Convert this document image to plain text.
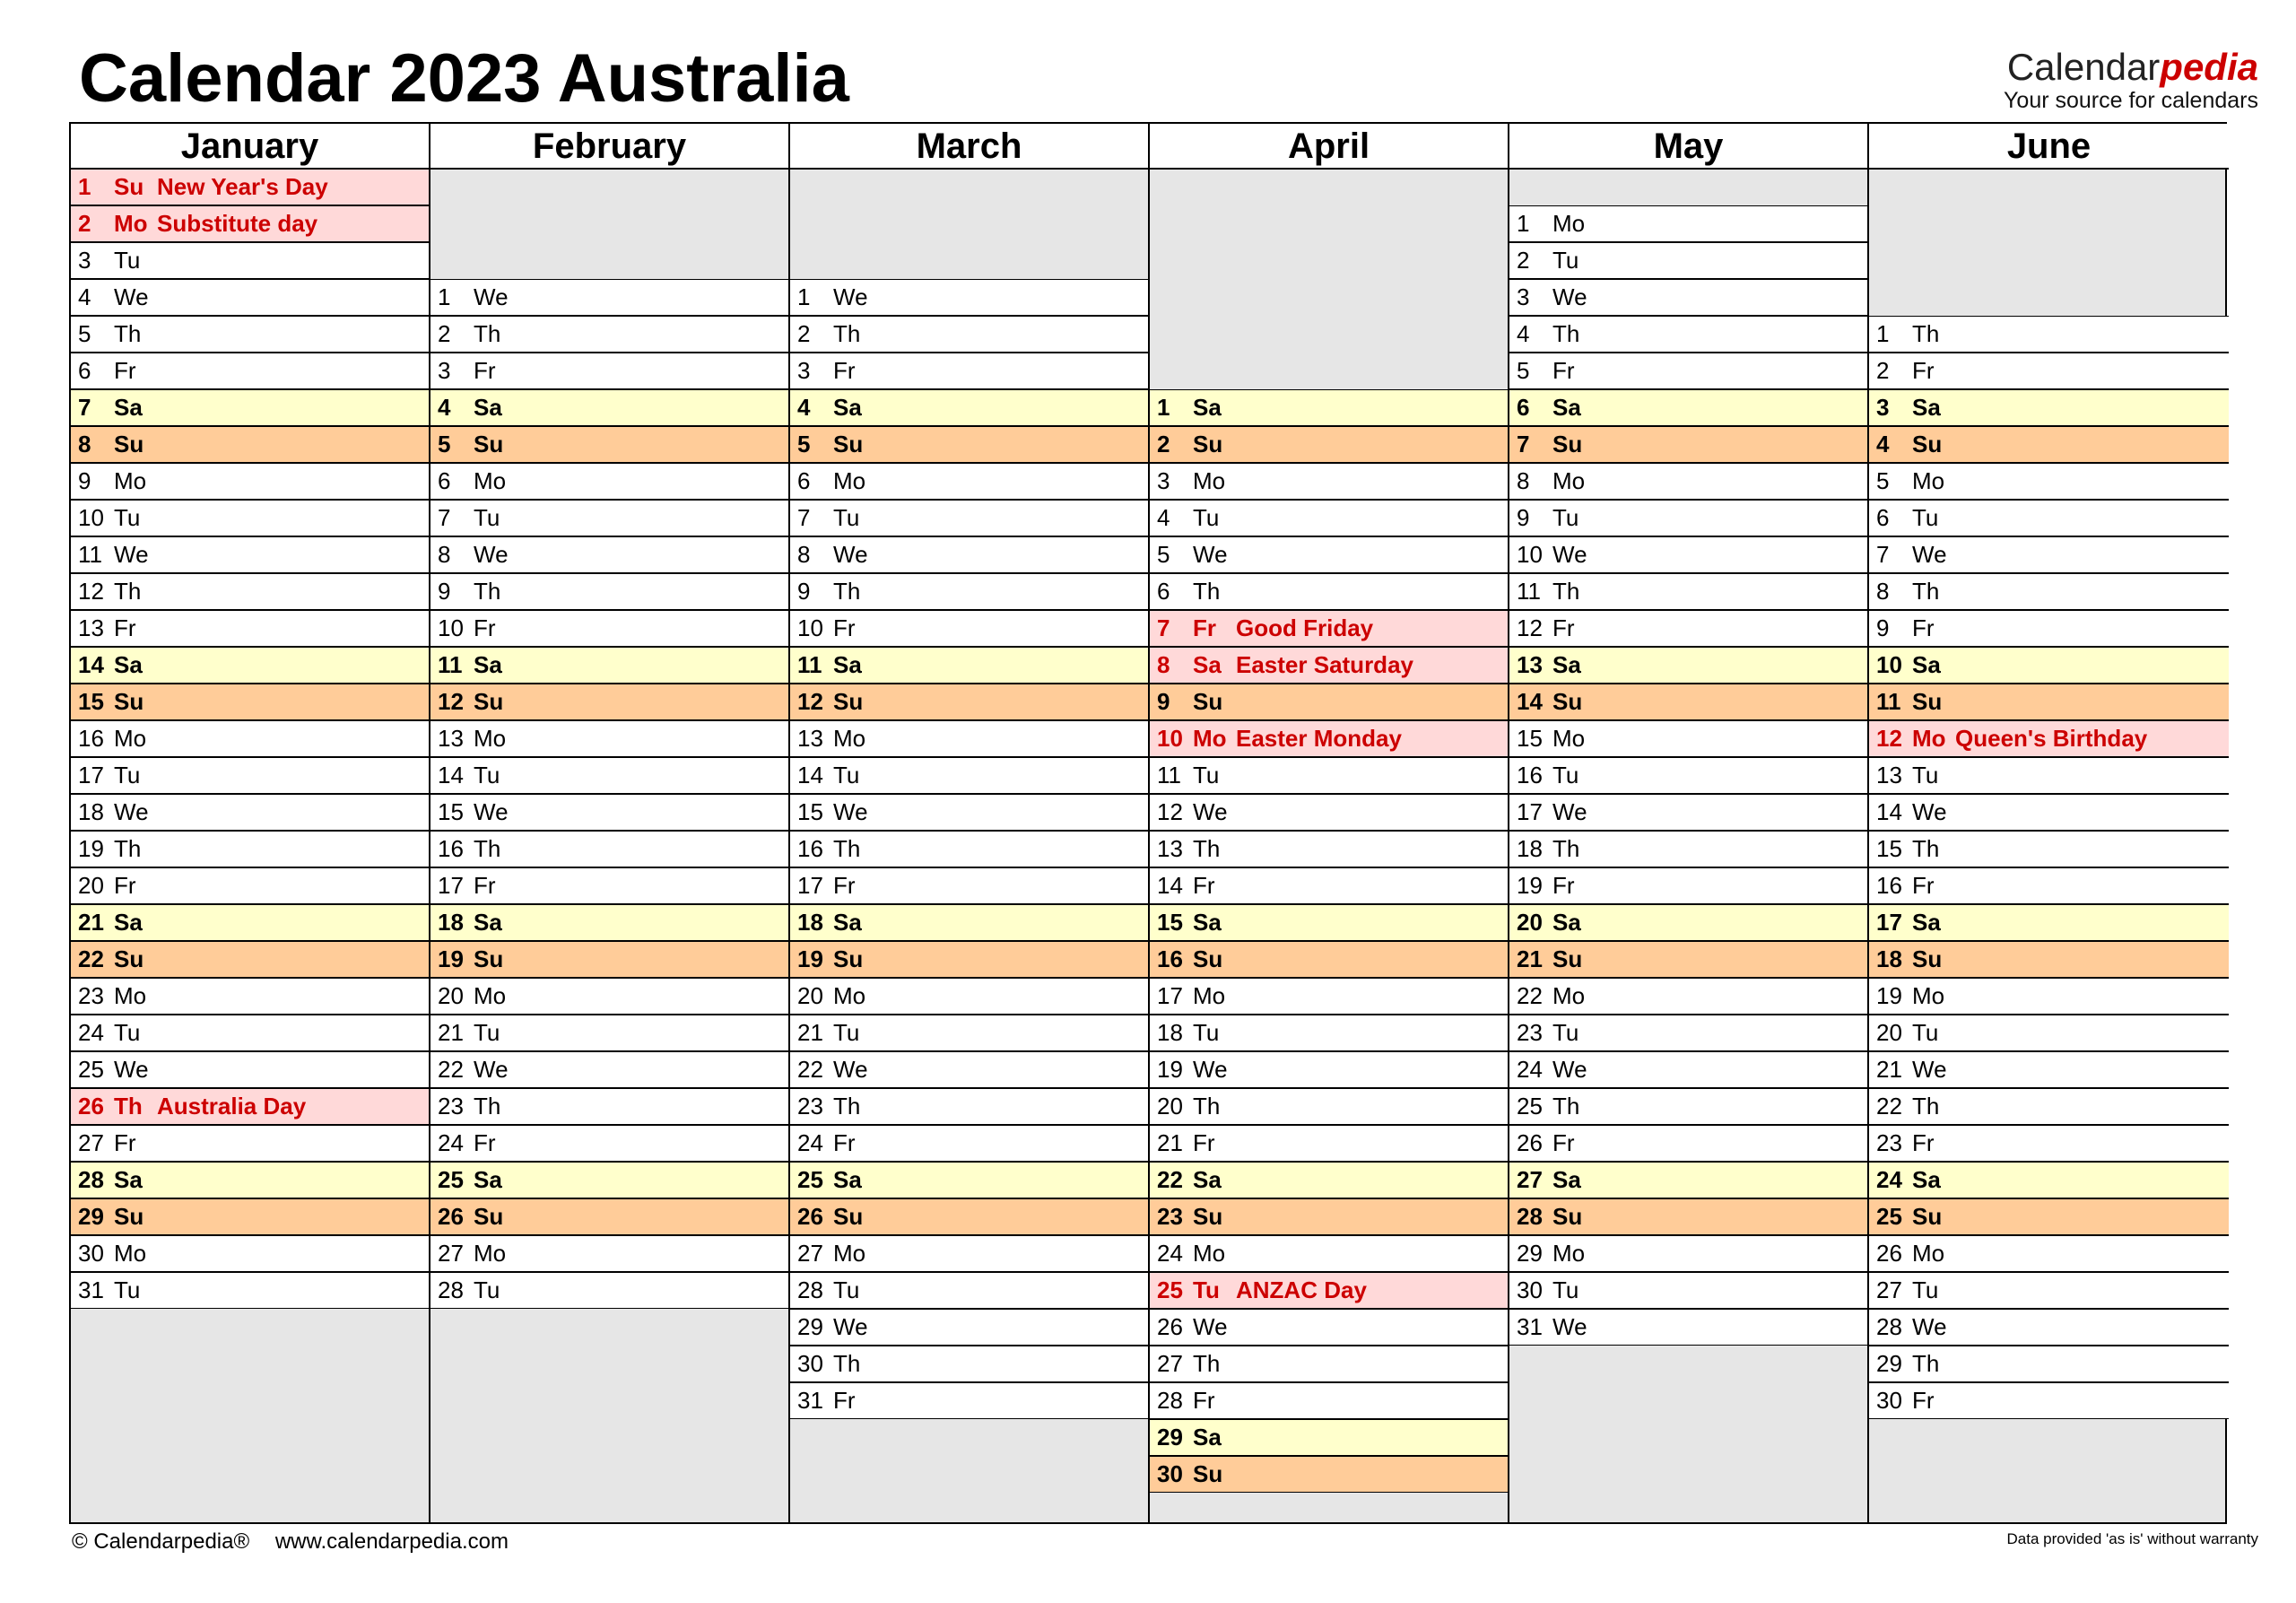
Calendar 2023 Australia	Calendarpedia
Your source for calendars
January
1 Su New Year's Day
2 Mo Substitute day
3 Tu
4 We
5 Th
6 Fr
7 Sa
8 Su
9 Mo
10 Tu
11 We
12 Th
13 Fr
14 Sa
15 Su
16 Mo
17 Tu
18 We
19 Th
20 Fr
21 Sa
22 Su
23 Mo
24 Tu
25 We
26 Th Australia Day
27 Fr
28 Sa
29 Su
30 Mo
31 Tu
February
1 We
2 Th
3 Fr
4 Sa
5 Su
6 Mo
7 Tu
8 We
9 Th
10 Fr
11 Sa
12 Su
13 Mo
14 Tu
15 We
16 Th
17 Fr
18 Sa
19 Su
20 Mo
21 Tu
22 We
23 Th
24 Fr
25 Sa
26 Su
27 Mo
28 Tu
March
1 We
2 Th
3 Fr
4 Sa
5 Su
6 Mo
7 Tu
8 We
9 Th
10 Fr
11 Sa
12 Su
13 Mo
14 Tu
15 We
16 Th
17 Fr
18 Sa
19 Su
20 Mo
21 Tu
22 We
23 Th
24 Fr
25 Sa
26 Su
27 Mo
28 Tu
29 We
30 Th
31 Fr
April
1 Sa
2 Su
3 Mo
4 Tu
5 We
6 Th
7 Fr Good Friday
8 Sa Easter Saturday
9 Su
10 Mo Easter Monday
11 Tu
12 We
13 Th
14 Fr
15 Sa
16 Su
17 Mo
18 Tu
19 We
20 Th
21 Fr
22 Sa
23 Su
24 Mo
25 Tu ANZAC Day
26 We
27 Th
28 Fr
29 Sa
30 Su
May
1 Mo
2 Tu
3 We
4 Th
5 Fr
6 Sa
7 Su
8 Mo
9 Tu
10 We
11 Th
12 Fr
13 Sa
14 Su
15 Mo
16 Tu
17 We
18 Th
19 Fr
20 Sa
21 Su
22 Mo
23 Tu
24 We
25 Th
26 Fr
27 Sa
28 Su
29 Mo
30 Tu
31 We
June
1 Th
2 Fr
3 Sa
4 Su
5 Mo
6 Tu
7 We
8 Th
9 Fr
10 Sa
11 Su
12 Mo Queen's Birthday
13 Tu
14 We
15 Th
16 Fr
17 Sa
18 Su
19 Mo
20 Tu
21 We
22 Th
23 Fr
24 Sa
25 Su
26 Mo
27 Tu
28 We
29 Th
30 Fr
© Calendarpedia® www.calendarpedia.com	Data provided 'as is' without warranty
